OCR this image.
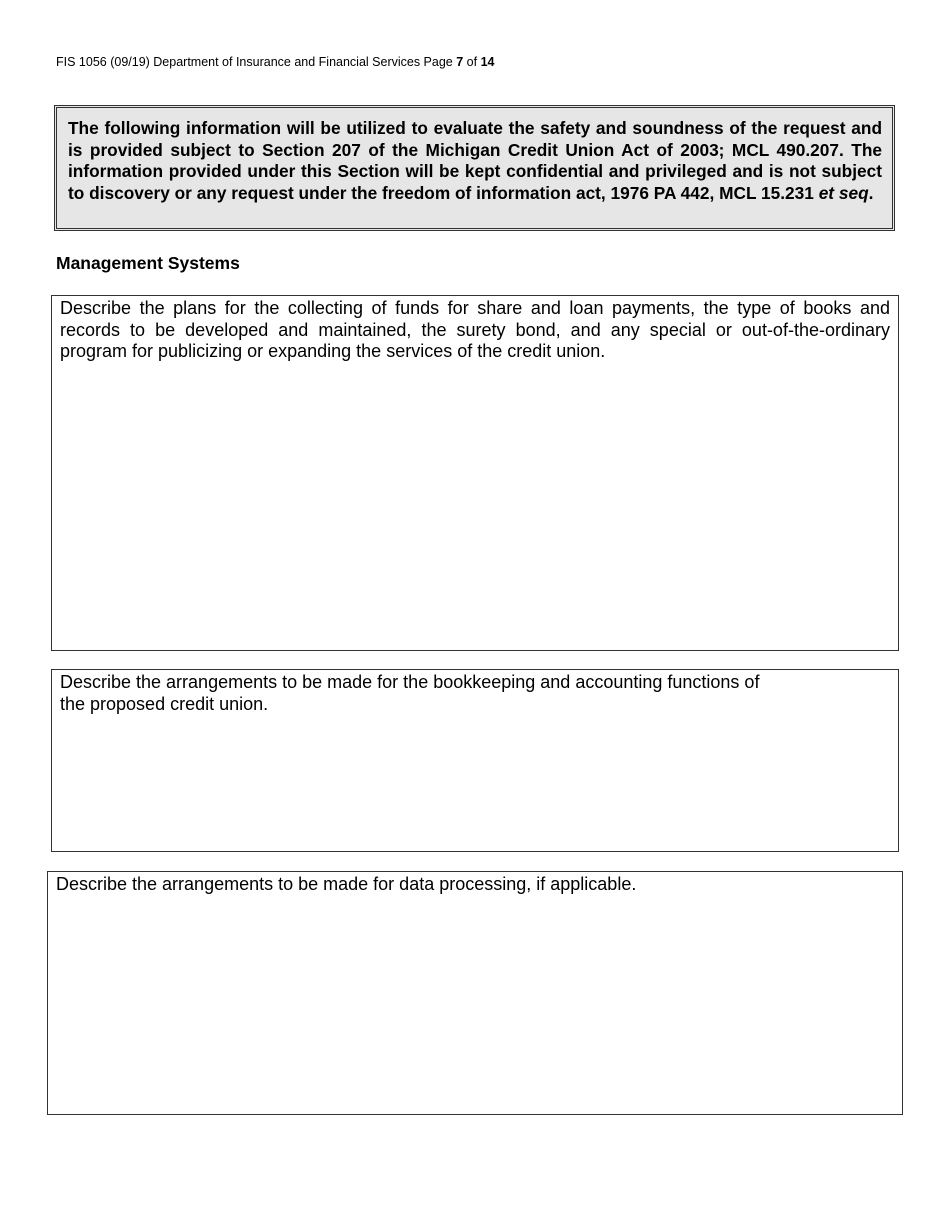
FIS 1056 (09/19) Department of Insurance and Financial Services Page 7 of 14
The following information will be utilized to evaluate the safety and soundness of the request and is provided subject to Section 207 of the Michigan Credit Union Act of 2003; MCL 490.207. The information provided under this Section will be kept confidential and privileged and is not subject to discovery or any request under the freedom of information act, 1976 PA 442, MCL 15.231 et seq.
Management Systems
Describe the plans for the collecting of funds for share and loan payments, the type of books and records to be developed and maintained, the surety bond, and any special or out-of-the-ordinary program for publicizing or expanding the services of the credit union.
Describe the arrangements to be made for the bookkeeping and accounting functions of the proposed credit union.
Describe the arrangements to be made for data processing, if applicable.
